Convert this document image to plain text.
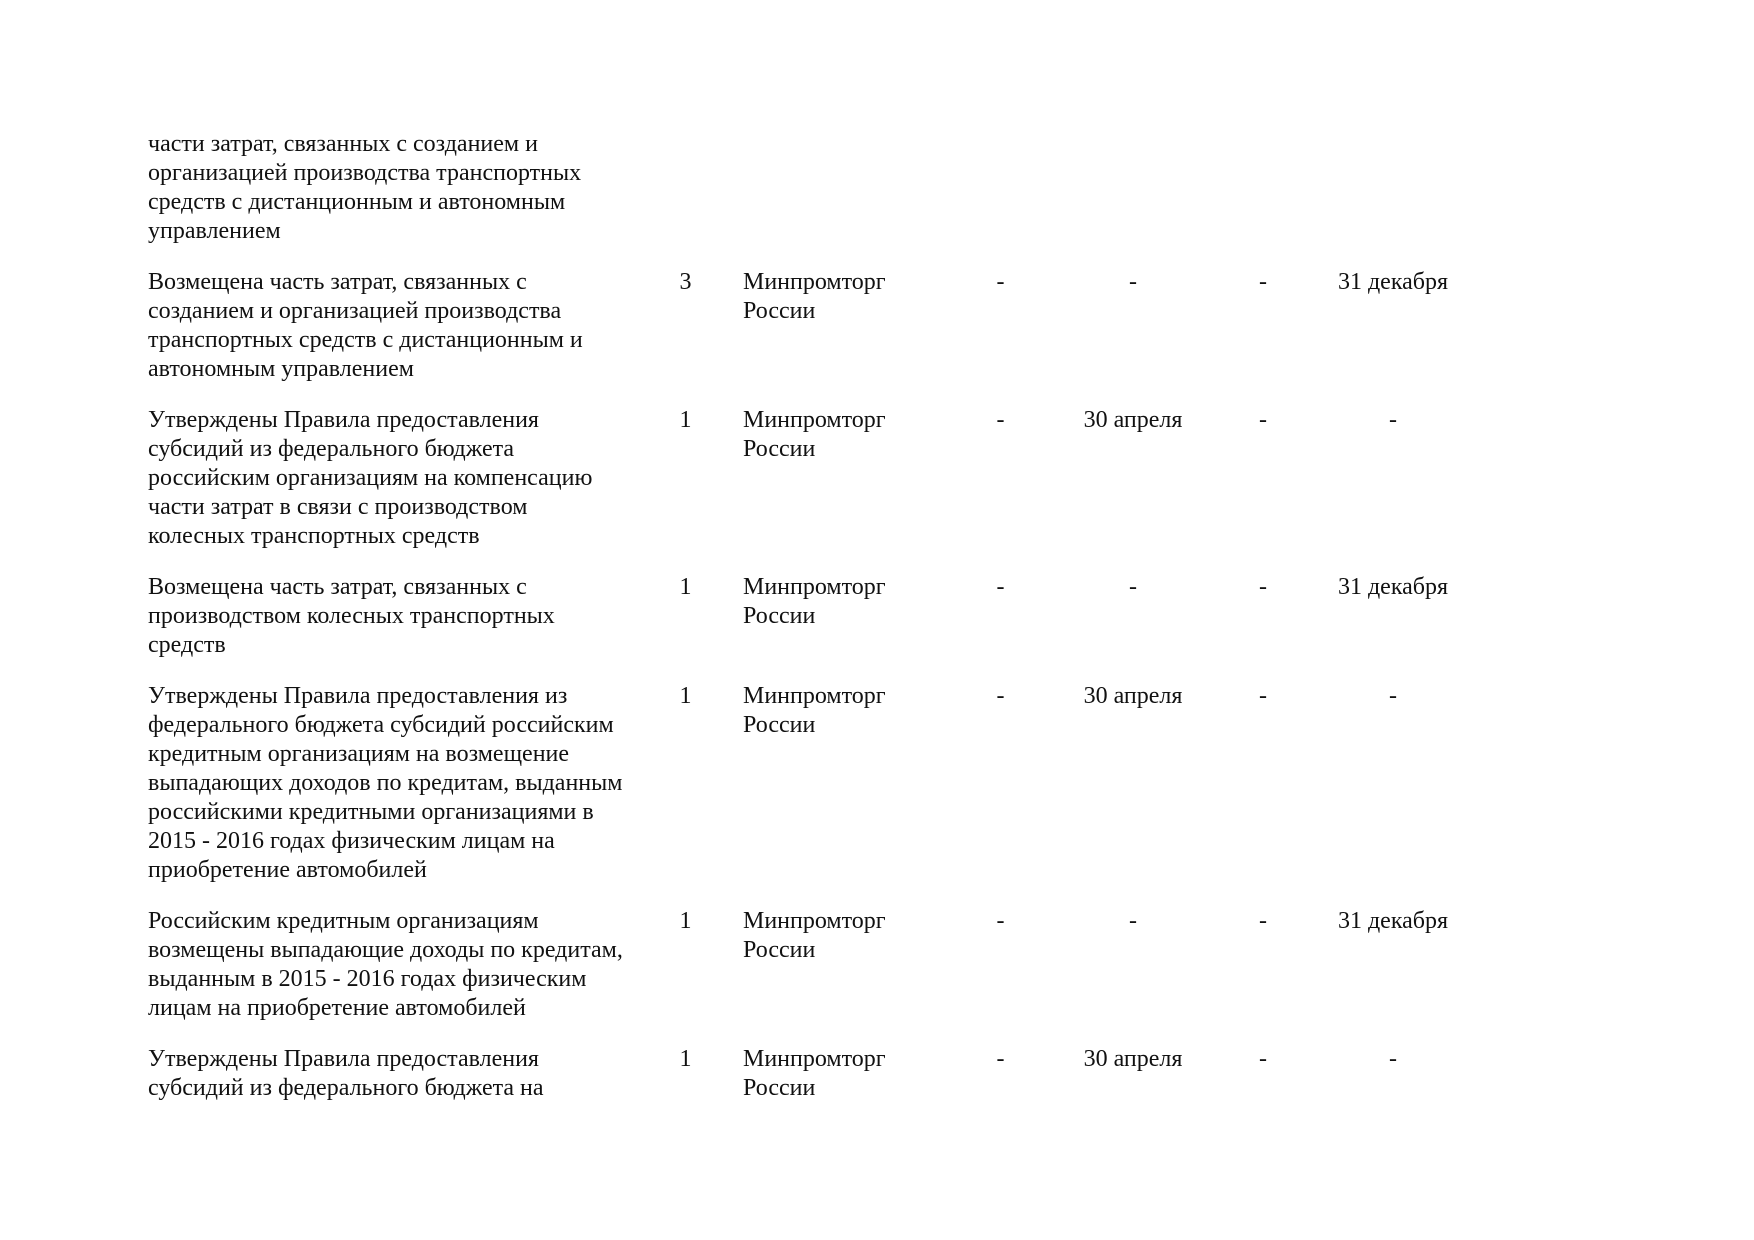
части затрат, связанных с созданием и организацией производства транспортных средств с дистанционным и автономным управлением						
Возмещена часть затрат, связанных с созданием и организацией производства транспортных средств с дистанционным и автономным управлением	3	Минпромторг России	-	-	-	31 декабря
Утверждены Правила предоставления субсидий из федерального бюджета российским организациям на компенсацию части затрат в связи с производством колесных транспортных средств	1	Минпромторг России	-	30 апреля	-	-
Возмещена часть затрат, связанных с производством колесных транспортных средств	1	Минпромторг России	-	-	-	31 декабря
Утверждены Правила предоставления из федерального бюджета субсидий российским кредитным организациям на возмещение выпадающих доходов по кредитам, выданным российскими кредитными организациями в 2015 - 2016 годах физическим лицам на приобретение автомобилей	1	Минпромторг России	-	30 апреля	-	-
Российским кредитным организациям возмещены выпадающие доходы по кредитам, выданным в 2015 - 2016 годах физическим лицам на приобретение автомобилей	1	Минпромторг России	-	-	-	31 декабря
Утверждены Правила предоставления субсидий из федерального бюджета на	1	Минпромторг России	-	30 апреля	-	-
